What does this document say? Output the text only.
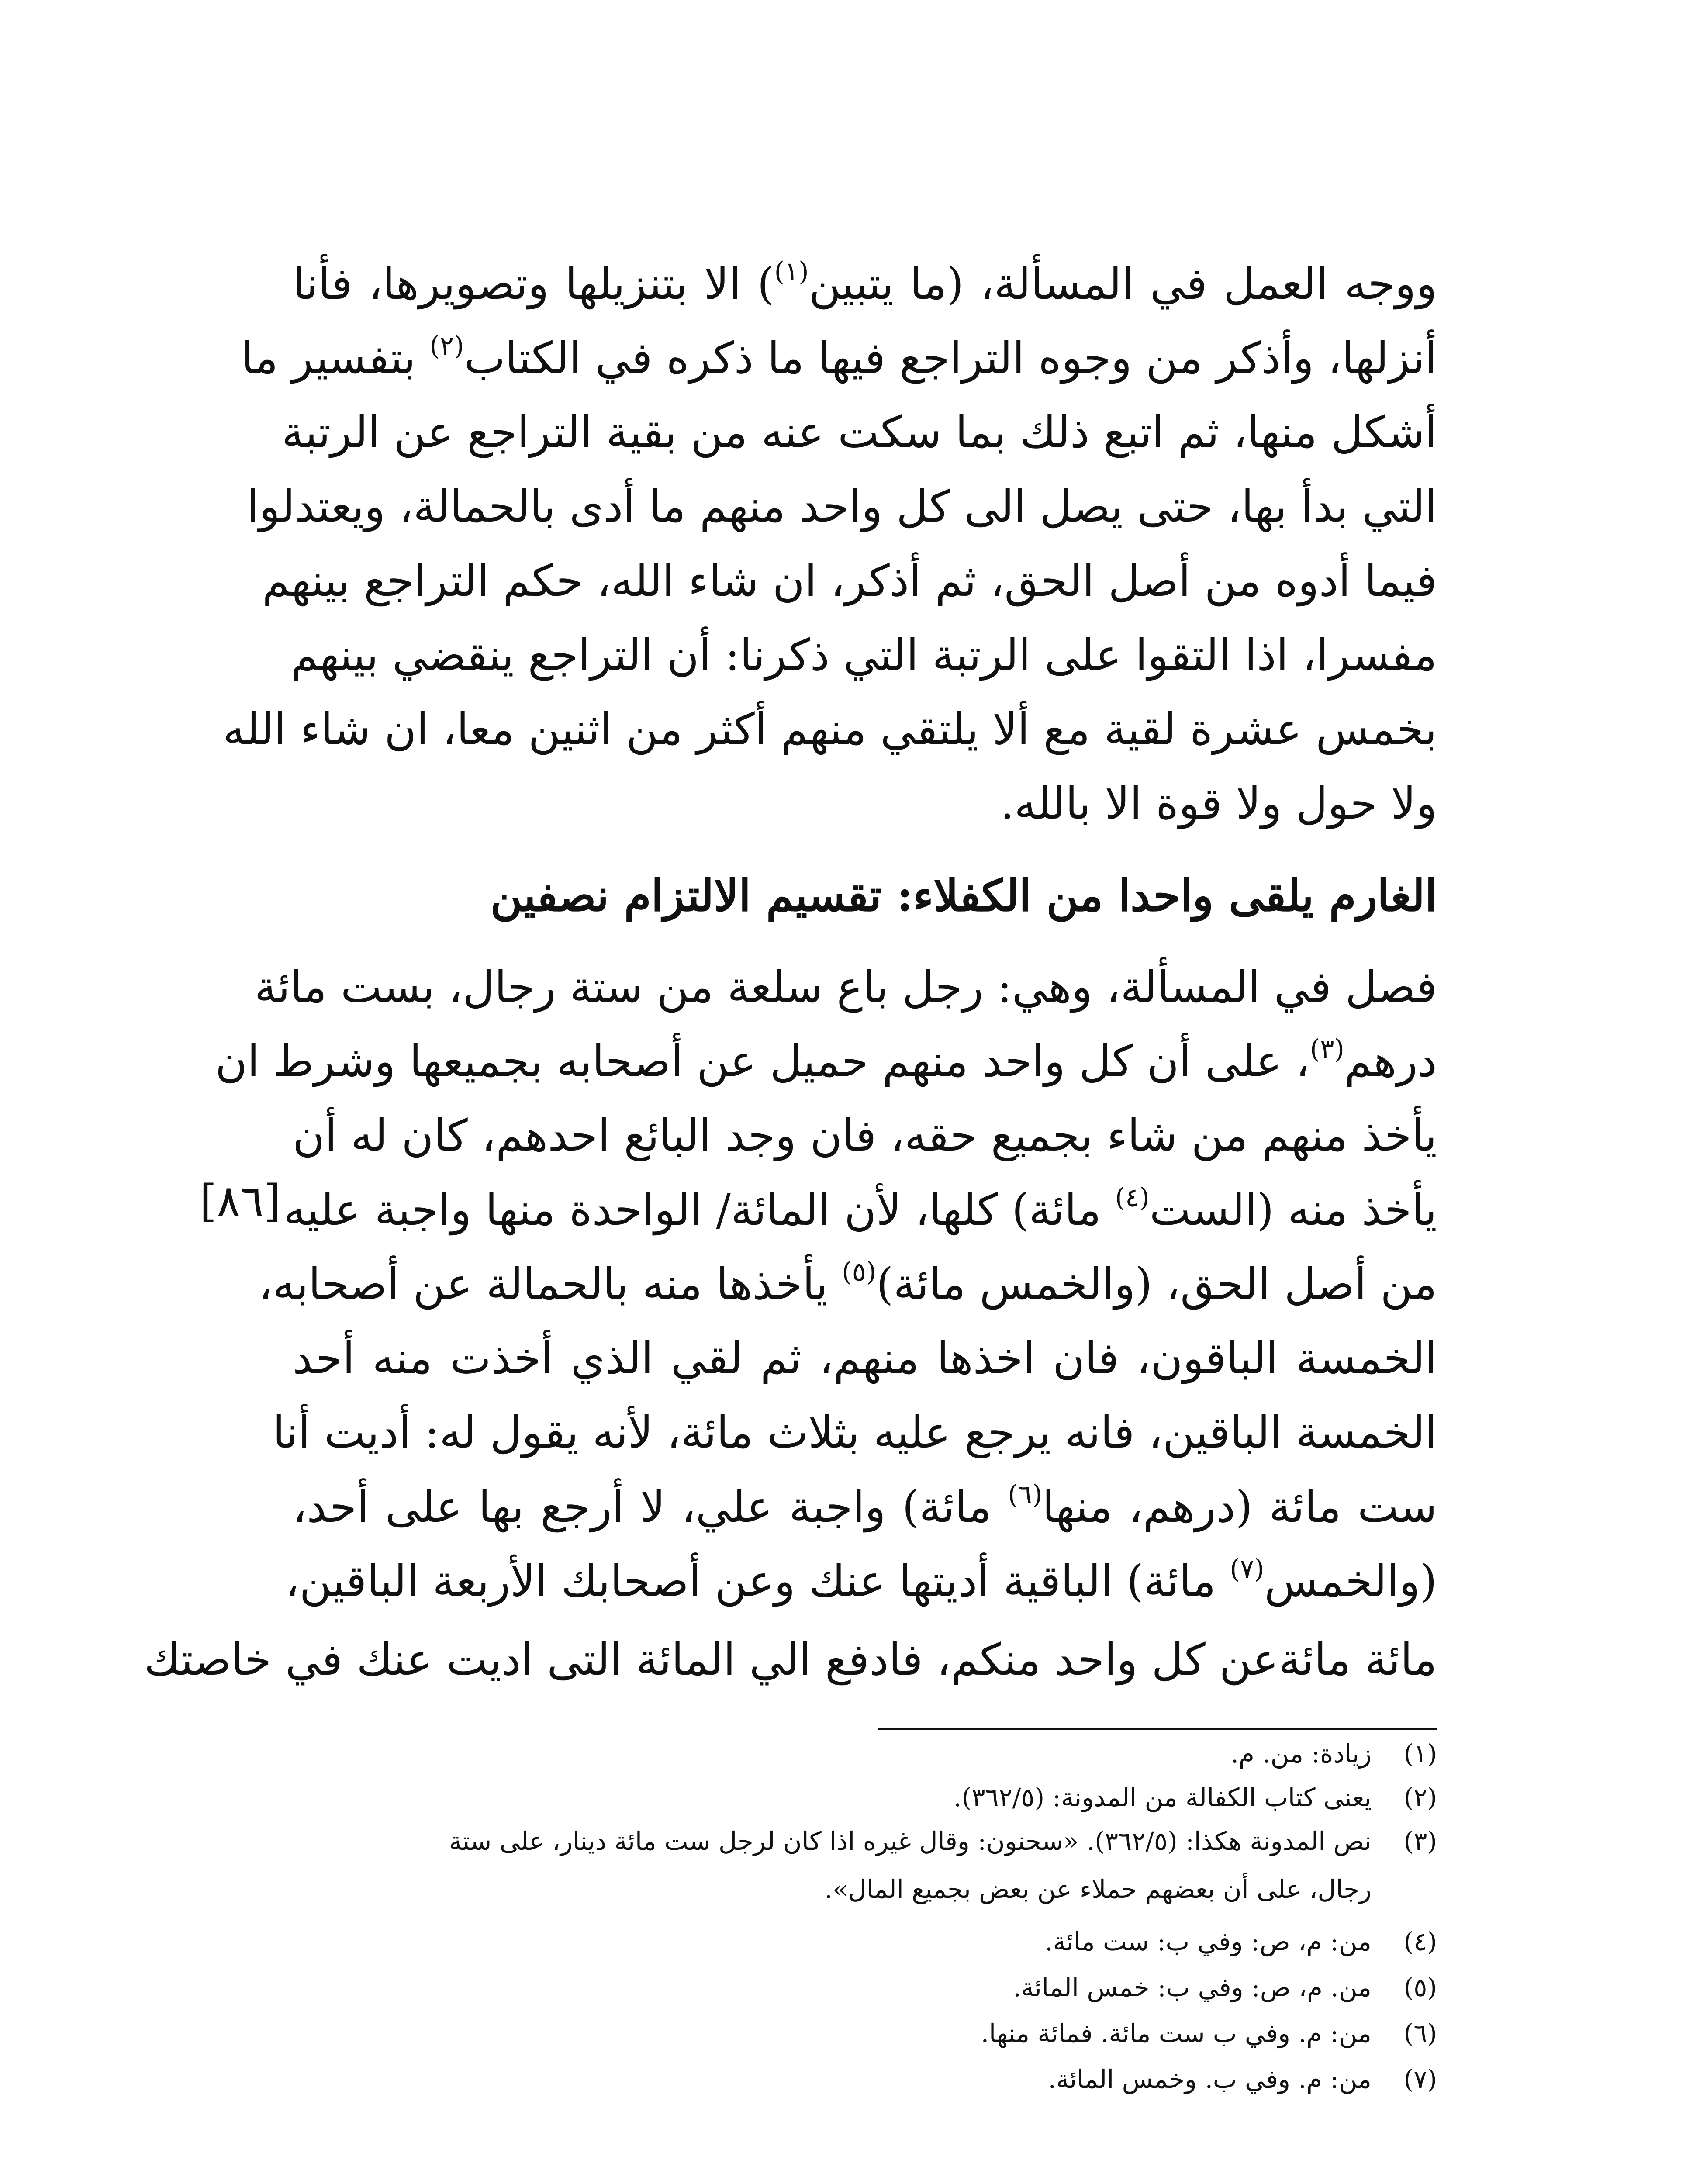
ووجه العمل في المسألة، (ما يتبين$^{(١)}$) الا بتنزيلها وتصويرها، فأنا
أنزلها، وأذكر من وجوه التراجع فيها ما ذكره في الكتاب$^{(٢)}$ بتفسير ما
أشكل منها، ثم اتبع ذلك بما سكت عنه من بقية التراجع عن الرتبة
التي بدأ بها، حتى يصل الى كل واحد منهم ما أدى بالحمالة، ويعتدلوا
فيما أدوه من أصل الحق، ثم أذكر، ان شاء الله، حكم التراجع بينهم
مفسرا، اذا التقوا على الرتبة التي ذكرنا: أن التراجع ينقضي بينهم
بخمس عشرة لقية مع ألا يلتقي منهم أكثر من اثنين معا، ان شاء الله
ولا حول ولا قوة الا بالله.
الغارم يلقى واحدا من الكفلاء: تقسيم الالتزام نصفين
فصل في المسألة، وهي: رجل باع سلعة من ستة رجال، بست مائة
درهم$^{(٣)}$، على أن كل واحد منهم حميل عن أصحابه بجميعها وشرط ان
يأخذ منهم من شاء بجميع حقه، فان وجد البائع احدهم، كان له أن
يأخذ منه (الست$^{(٤)}$ مائة) كلها، لأن المائة/ الواحدة منها واجبة عليه
من أصل الحق، (والخمس مائة)$^{(٥)}$ يأخذها منه بالحمالة عن أصحابه،
الخمسة الباقون، فان اخذها منهم، ثم لقي الذي أخذت منه أحد
الخمسة الباقين، فانه يرجع عليه بثلاث مائة، لأنه يقول له: أديت أنا
ست مائة (درهم، منها$^{(٦)}$ مائة) واجبة علي، لا أرجع بها على أحد،
(والخمس$^{(٧)}$ مائة) الباقية أديتها عنك وعن أصحابك الأربعة الباقين،
مائة مائةعن كل واحد منكم، فادفع الي المائة التى اديت عنك في خاصتك
[٨٦]
(١)زيادة: من. م.
(٢)يعنى كتاب الكفالة من المدونة: (٣٦٢/٥).
(٣)نص المدونة هكذا: (٣٦٢/٥). «سحنون: وقال غيره اذا كان لرجل ست مائة دينار، على ستة
رجال، على أن بعضهم حملاء عن بعض بجميع المال».
(٤)من: م، ص: وفي ب: ست مائة.
(٥)من. م، ص: وفي ب: خمس المائة.
(٦)من: م. وفي ب ست مائة. فمائة منها.
(٧)من: م. وفي ب. وخمس المائة.
